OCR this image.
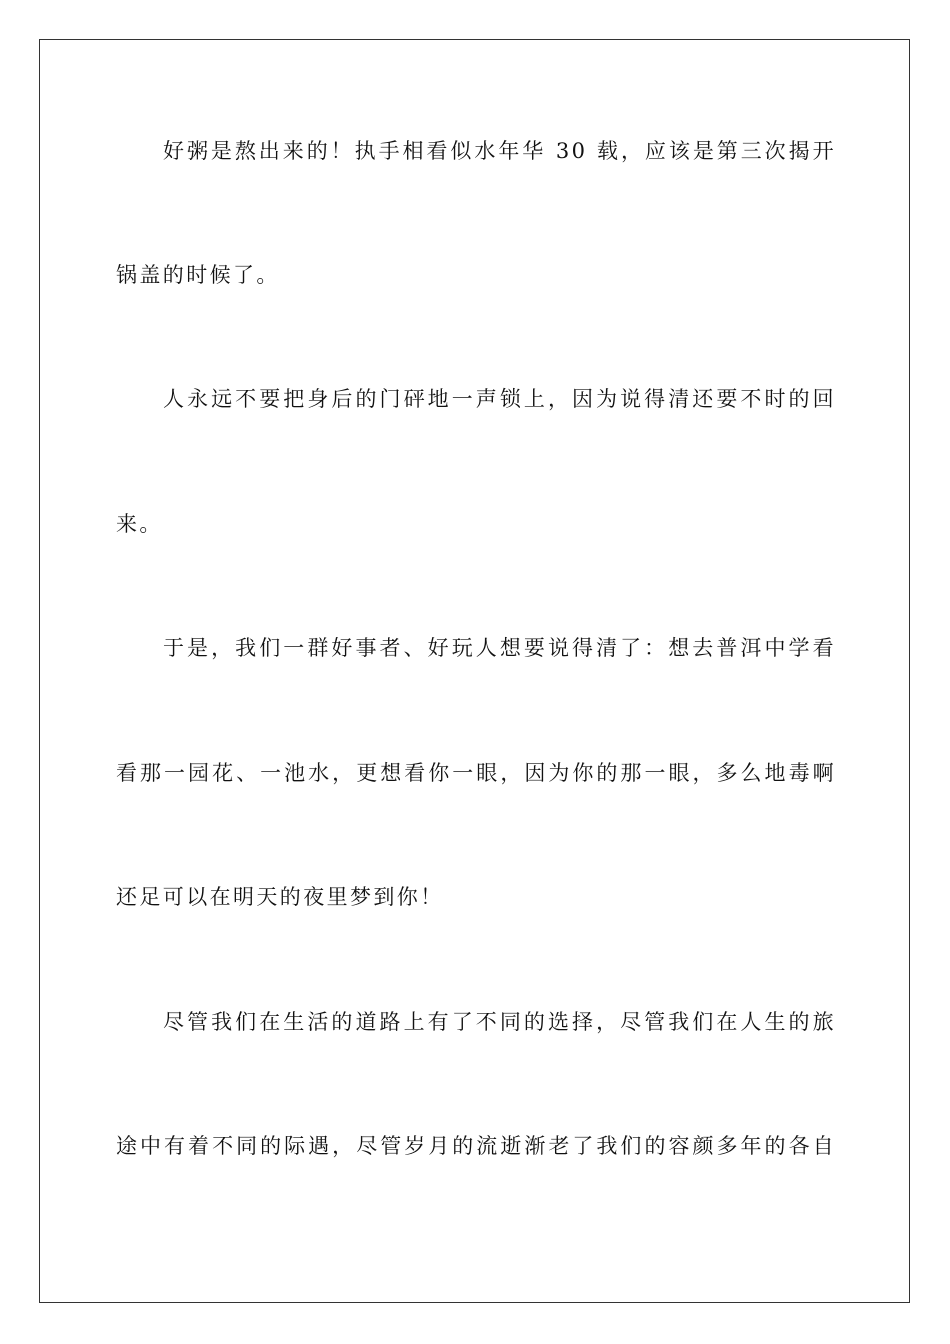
好粥是熬出来的！执手相看似水年华 30 载，应该是第三次揭开
锅盖的时候了。
人永远不要把身后的门砰地一声锁上，因为说得清还要不时的回
来。
于是，我们一群好事者、好玩人想要说得清了：想去普洱中学看
看那一园花、一池水，更想看你一眼，因为你的那一眼，多么地毒啊
还足可以在明天的夜里梦到你！
尽管我们在生活的道路上有了不同的选择，尽管我们在人生的旅
途中有着不同的际遇，尽管岁月的流逝渐老了我们的容颜多年的各自
